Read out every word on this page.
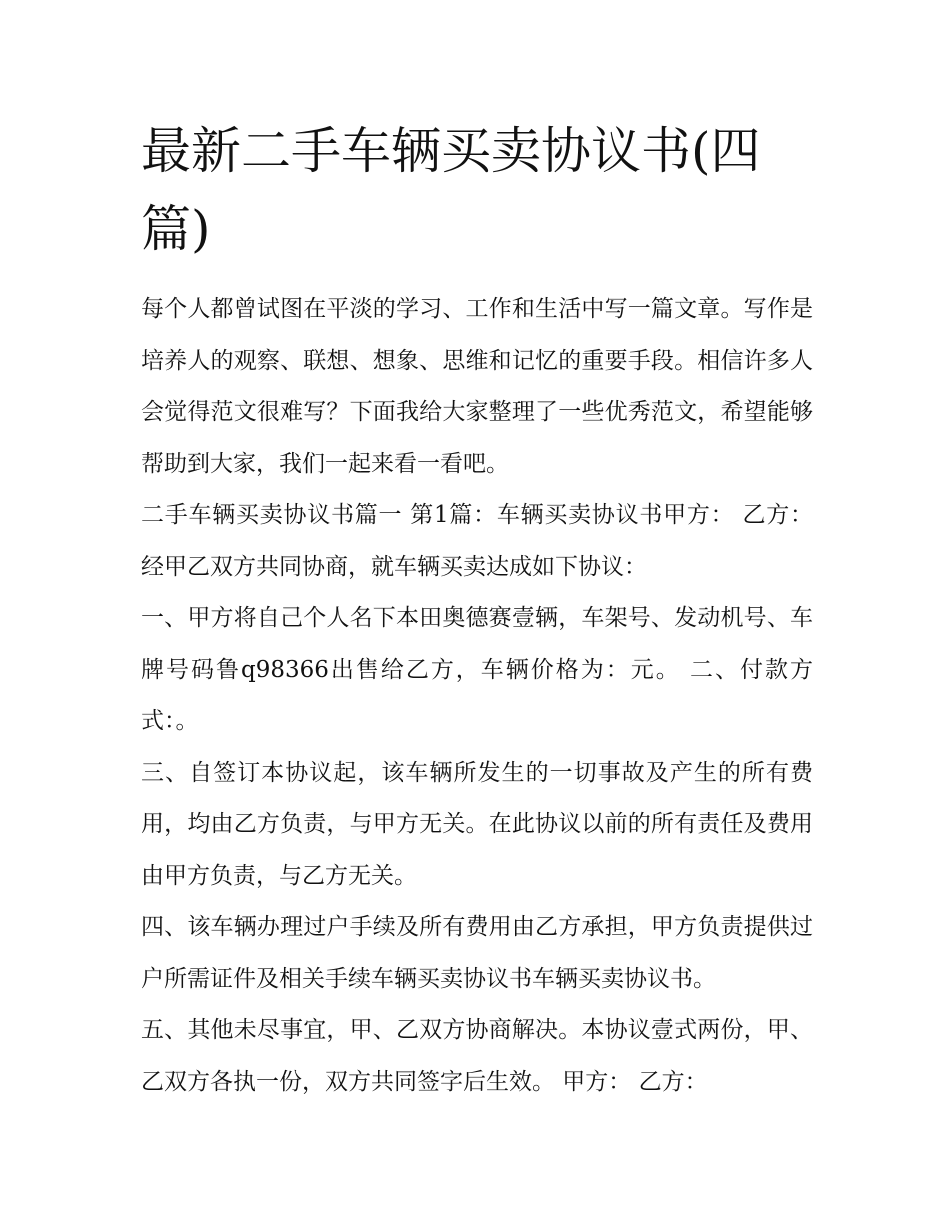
最新二手车辆买卖协议书(四篇)

每个人都曾试图在平淡的学习、工作和生活中写一篇文章。写作是培养人的观察、联想、想象、思维和记忆的重要手段。相信许多人会觉得范文很难写？下面我给大家整理了一些优秀范文，希望能够帮助到大家，我们一起来看一看吧。

二手车辆买卖协议书篇一 第1篇：车辆买卖协议书甲方： 乙方： 经甲乙双方共同协商，就车辆买卖达成如下协议：

一、甲方将自己个人名下本田奥德赛壹辆，车架号、发动机号、车牌号码鲁q98366出售给乙方，车辆价格为：元。 二、付款方式：。

三、自签订本协议起，该车辆所发生的一切事故及产生的所有费用，均由乙方负责，与甲方无关。在此协议以前的所有责任及费用由甲方负责，与乙方无关。

四、该车辆办理过户手续及所有费用由乙方承担，甲方负责提供过户所需证件及相关手续车辆买卖协议书车辆买卖协议书。

五、其他未尽事宜，甲、乙双方协商解决。本协议壹式两份，甲、乙双方各执一份，双方共同签字后生效。 甲方： 乙方：
